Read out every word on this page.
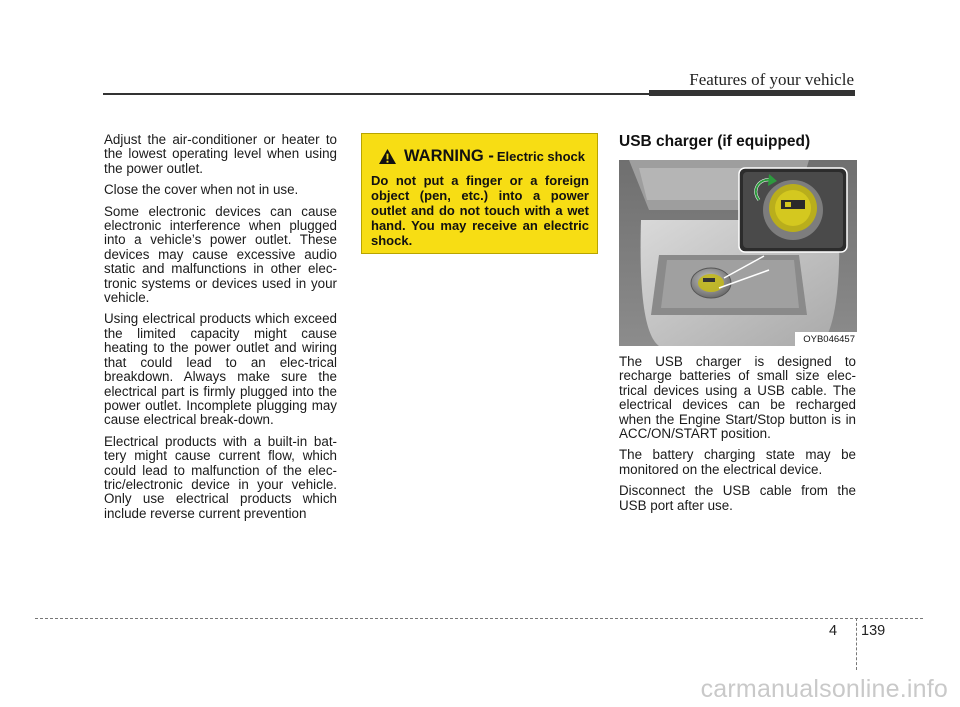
Features of your vehicle

Adjust the air-conditioner or heater to the lowest operating level when using the power outlet.

Close the cover when not in use.

Some electronic devices can cause electronic interference when plugged into a vehicle’s power outlet. These devices may cause excessive audio static and malfunctions in other elec-tronic systems or devices used in your vehicle.

Using electrical products which exceed the limited capacity might cause heating to the power outlet and wiring that could lead to an elec-trical breakdown. Always make sure the electrical part is firmly plugged into the power outlet. Incomplete plugging may cause electrical break-down.

Electrical products with a built-in bat-tery might cause current flow, which could lead to malfunction of the elec-tric/electronic device in your vehicle. Only use electrical products which include reverse current prevention

WARNING - Electric shock
Do not put a finger or a foreign object (pen, etc.) into a power outlet and do not touch with a wet hand. You may receive an electric shock.
USB charger (if equipped)
OYB046457

The USB charger is designed to recharge batteries of small size elec-trical devices using a USB cable. The electrical devices can be recharged when the Engine Start/Stop button is in ACC/ON/START position.

The battery charging state may be monitored on the electrical device.

Disconnect the USB cable from the USB port after use.

4 139
carmanualsonline.info
